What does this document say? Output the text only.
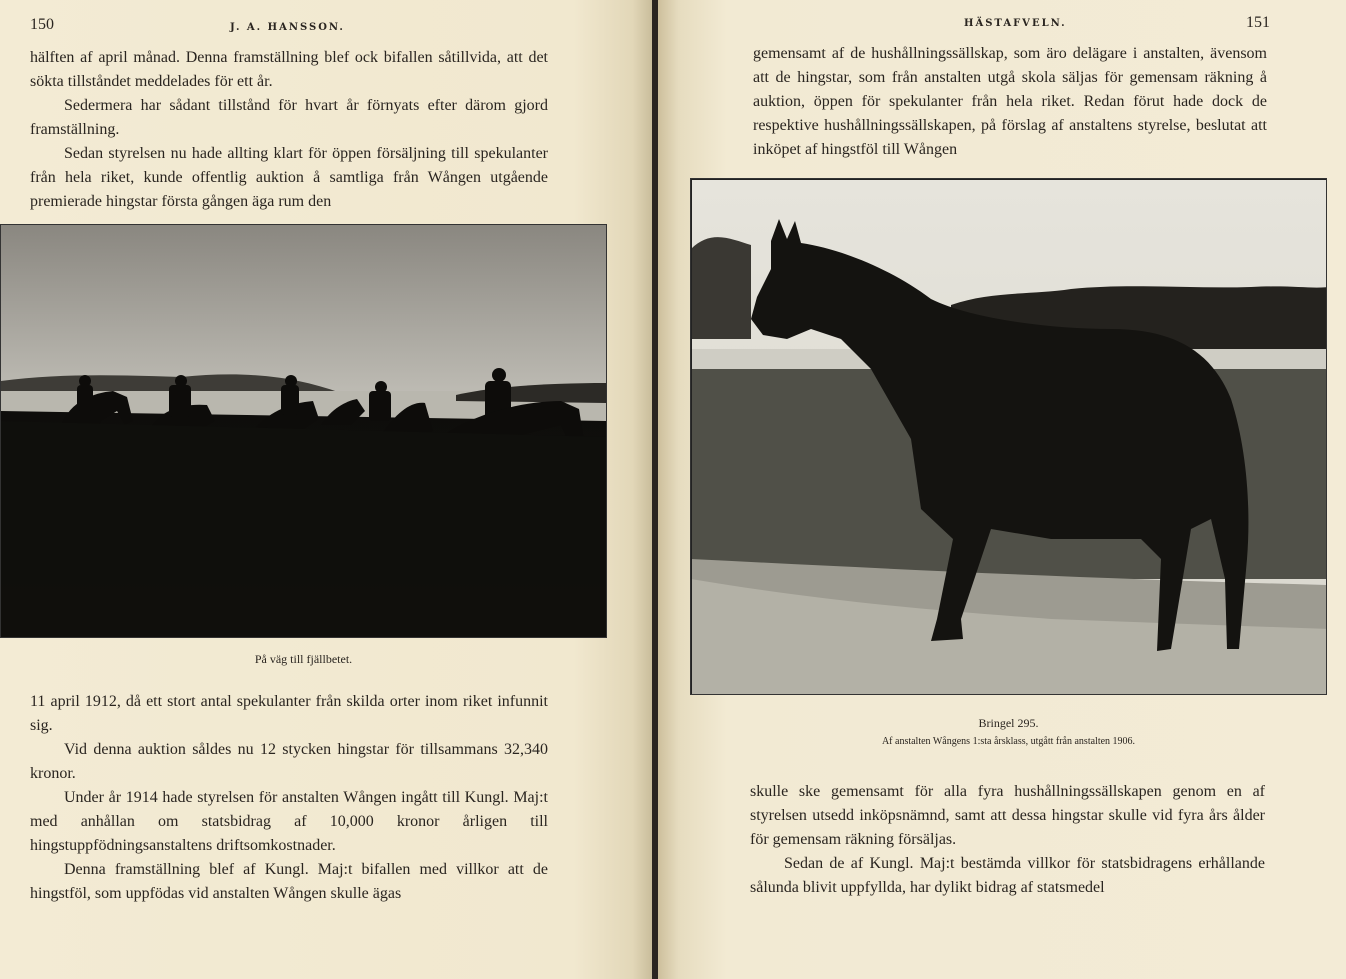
150	J. A. HANSSON.

hälften af april månad. Denna framställning blef ock bifallen såtillvida, att det sökta tillståndet meddelades för ett år.

Sedermera har sådant tillstånd för hvart år förnyats efter därom gjord framställning.

Sedan styrelsen nu hade allting klart för öppen försäljning till spekulanter från hela riket, kunde offentlig auktion å samtliga från Wången utgående premierade hingstar första gången äga rum den

På väg till fjällbetet.

11 april 1912, då ett stort antal spekulanter från skilda orter inom riket infunnit sig.

Vid denna auktion såldes nu 12 stycken hingstar för tillsammans 32,340 kronor.

Under år 1914 hade styrelsen för anstalten Wången ingått till Kungl. Maj:t med anhållan om statsbidrag af 10,000 kronor årligen till hingstuppfödningsanstaltens driftsomkostnader.

Denna framställning blef af Kungl. Maj:t bifallen med villkor att de hingstföl, som uppfödas vid anstalten Wången skulle ägas

HÄSTAFVELN.	151

gemensamt af de hushållningssällskap, som äro delägare i anstalten, ävensom att de hingstar, som från anstalten utgå skola säljas för gemensam räkning å auktion, öppen för spekulanter från hela riket. Redan förut hade dock de respektive hushållningssällskapen, på förslag af anstaltens styrelse, beslutat att inköpet af hingstföl till Wången

Bringel 295.
Af anstalten Wångens 1:sta årsklass, utgått från anstalten 1906.

skulle ske gemensamt för alla fyra hushållningssällskapen genom en af styrelsen utsedd inköpsnämnd, samt att dessa hingstar skulle vid fyra års ålder för gemensam räkning försäljas.

Sedan de af Kungl. Maj:t bestämda villkor för statsbidragens erhållande sålunda blivit uppfyllda, har dylikt bidrag af statsmedel
